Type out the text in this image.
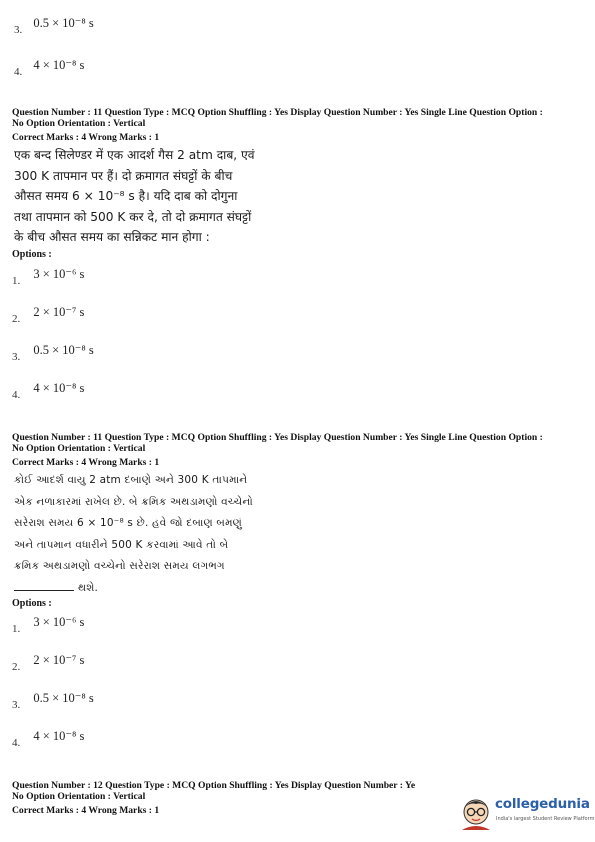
$_{3.}$ 0.5 × 10⁻⁸ s
$_{4.}$ 4 × 10⁻⁸ s
Question Number : 11 Question Type : MCQ Option Shuffling : Yes Display Question Number : Yes Single Line Question Option :
No Option Orientation : Vertical
Correct Marks : 4 Wrong Marks : 1
एक बन्द सिलेण्डर में एक आदर्श गैस 2 atm दाब, एवं
300 K तापमान पर हैं। दो क्रमागत संघट्टों के बीच
औसत समय 6 × 10⁻⁸ s है। यदि दाब को दोगुना
तथा तापमान को 500 K कर दे, तो दो क्रमागत संघट्टों
के बीच औसत समय का सन्निकट मान होगा :
Options :
$_{1.}$ 3 × 10⁻⁶ s
$_{2.}$ 2 × 10⁻⁷ s
$_{3.}$ 0.5 × 10⁻⁸ s
$_{4.}$ 4 × 10⁻⁸ s
Question Number : 11 Question Type : MCQ Option Shuffling : Yes Display Question Number : Yes Single Line Question Option :
No Option Orientation : Vertical
Correct Marks : 4 Wrong Marks : 1
કોઈ આદર્શ વાયુ 2 atm દબાણે અને 300 K તાપમાને
એક નળાકારમાં રાખેલ છે. બે ક્રમિક અથડામણો વચ્ચેનો
સરેરાશ સમય 6 × 10⁻⁸ s છે. હવે જો દબાણ બમણું
અને તાપમાન વધારીને 500 K કરવામાં આવે તો બે
ક્રમિક અથડામણો વચ્ચેનો સરેરાશ સમય લગભગ
થશે.
Options :
$_{1.}$ 3 × 10⁻⁶ s
$_{2.}$ 2 × 10⁻⁷ s
$_{3.}$ 0.5 × 10⁻⁸ s
$_{4.}$ 4 × 10⁻⁸ s
Question Number : 12 Question Type : MCQ Option Shuffling : Yes Display Question Number : Ye
No Option Orientation : Vertical
Correct Marks : 4 Wrong Marks : 1	collegedunia
India's largest Student Review Platform
